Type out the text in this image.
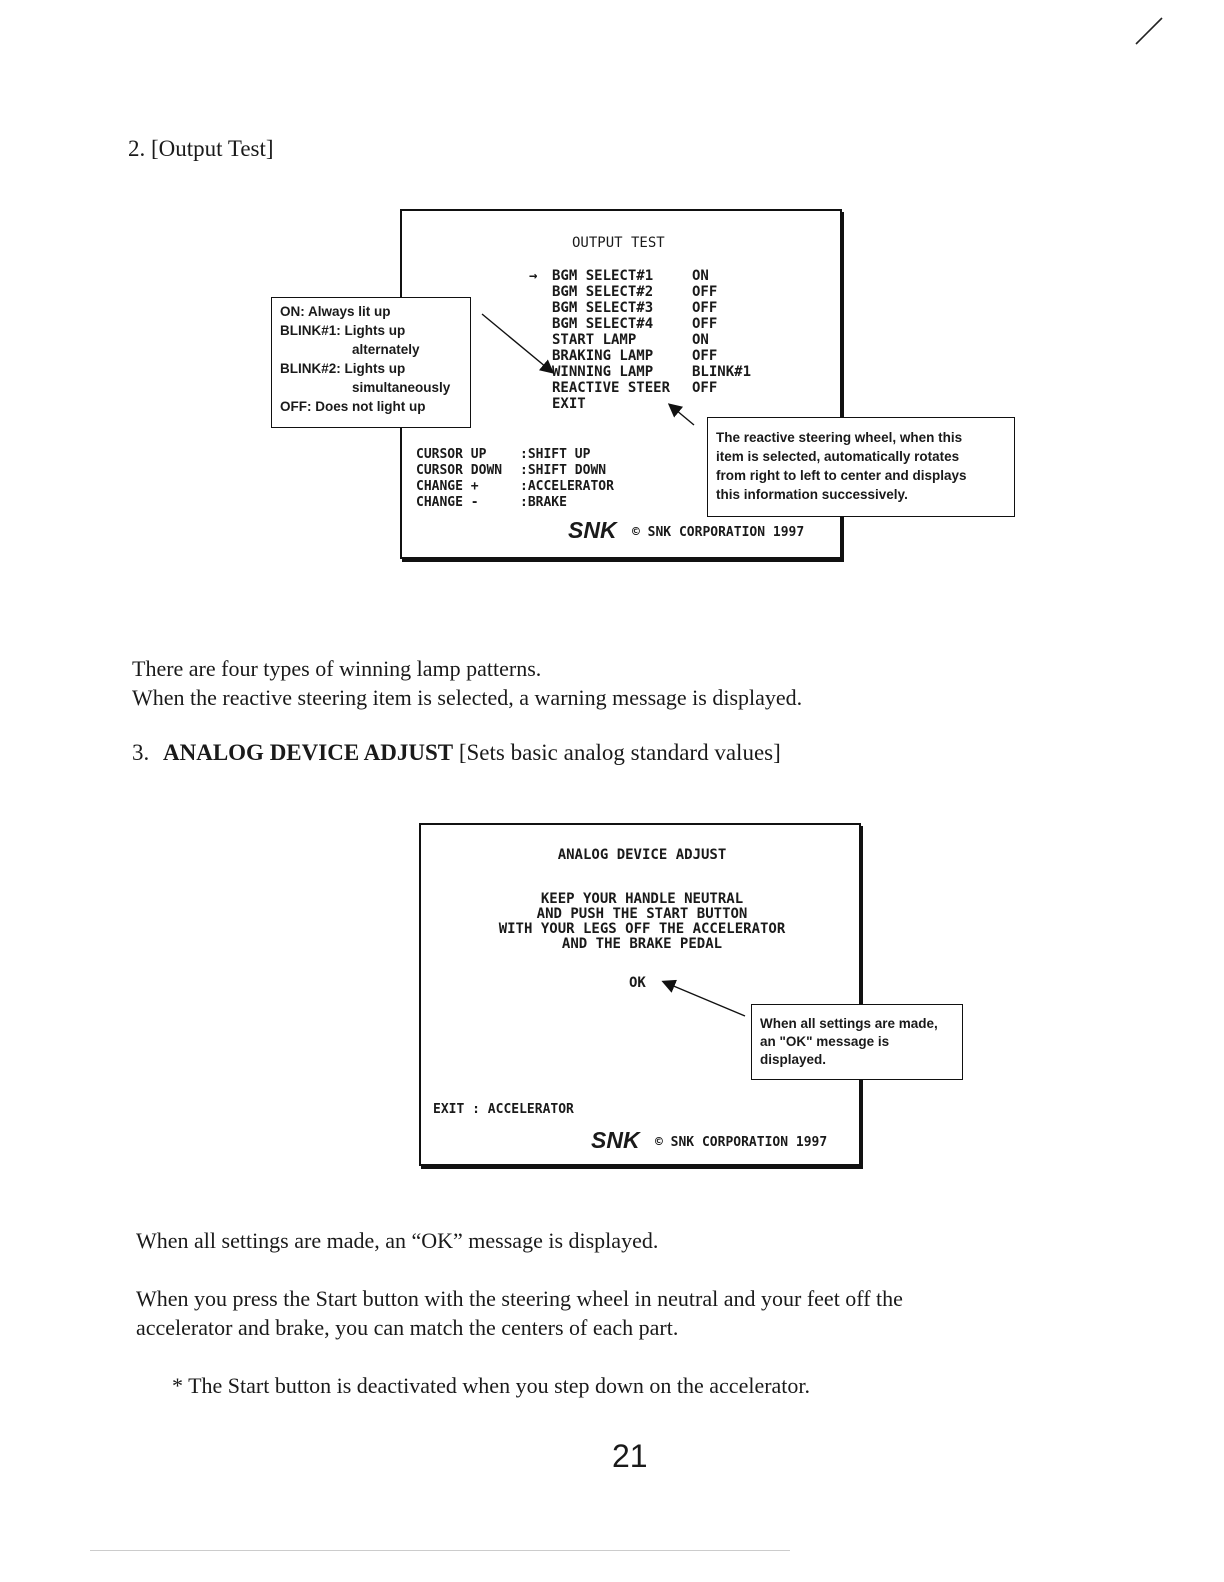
2. [Output Test]
OUTPUT TEST
→ BGM SELECT#1
BGM SELECT#2
BGM SELECT#3
BGM SELECT#4
START LAMP
BRAKING LAMP
WINNING LAMP
REACTIVE STEER
EXIT
ON
OFF
OFF
OFF
ON
OFF
BLINK#1
OFF
CURSOR UP
CURSOR DOWN
CHANGE +
CHANGE -
:SHIFT UP
:SHIFT DOWN
:ACCELERATOR
:BRAKE
SNK © SNK CORPORATION 1997
ON: Always lit up
BLINK#1: Lights up
alternately
BLINK#2: Lights up
simultaneously
OFF: Does not light up
The reactive steering wheel, when this
item is selected, automatically rotates
from right to left to center and displays
this information successively.
There are four types of winning lamp patterns.
When the reactive steering item is selected, a warning message is displayed.
3. ANALOG DEVICE ADJUST [Sets basic analog standard values]
ANALOG DEVICE ADJUST
KEEP YOUR HANDLE NEUTRAL
AND PUSH THE START BUTTON
WITH YOUR LEGS OFF THE ACCELERATOR
AND THE BRAKE PEDAL
OK
EXIT : ACCELERATOR
SNK © SNK CORPORATION 1997
When all settings are made,
an "OK" message is
displayed.
When all settings are made, an “OK” message is displayed.
When you press the Start button with the steering wheel in neutral and your feet off the
accelerator and brake, you can match the centers of each part.
* The Start button is deactivated when you step down on the accelerator.
21
